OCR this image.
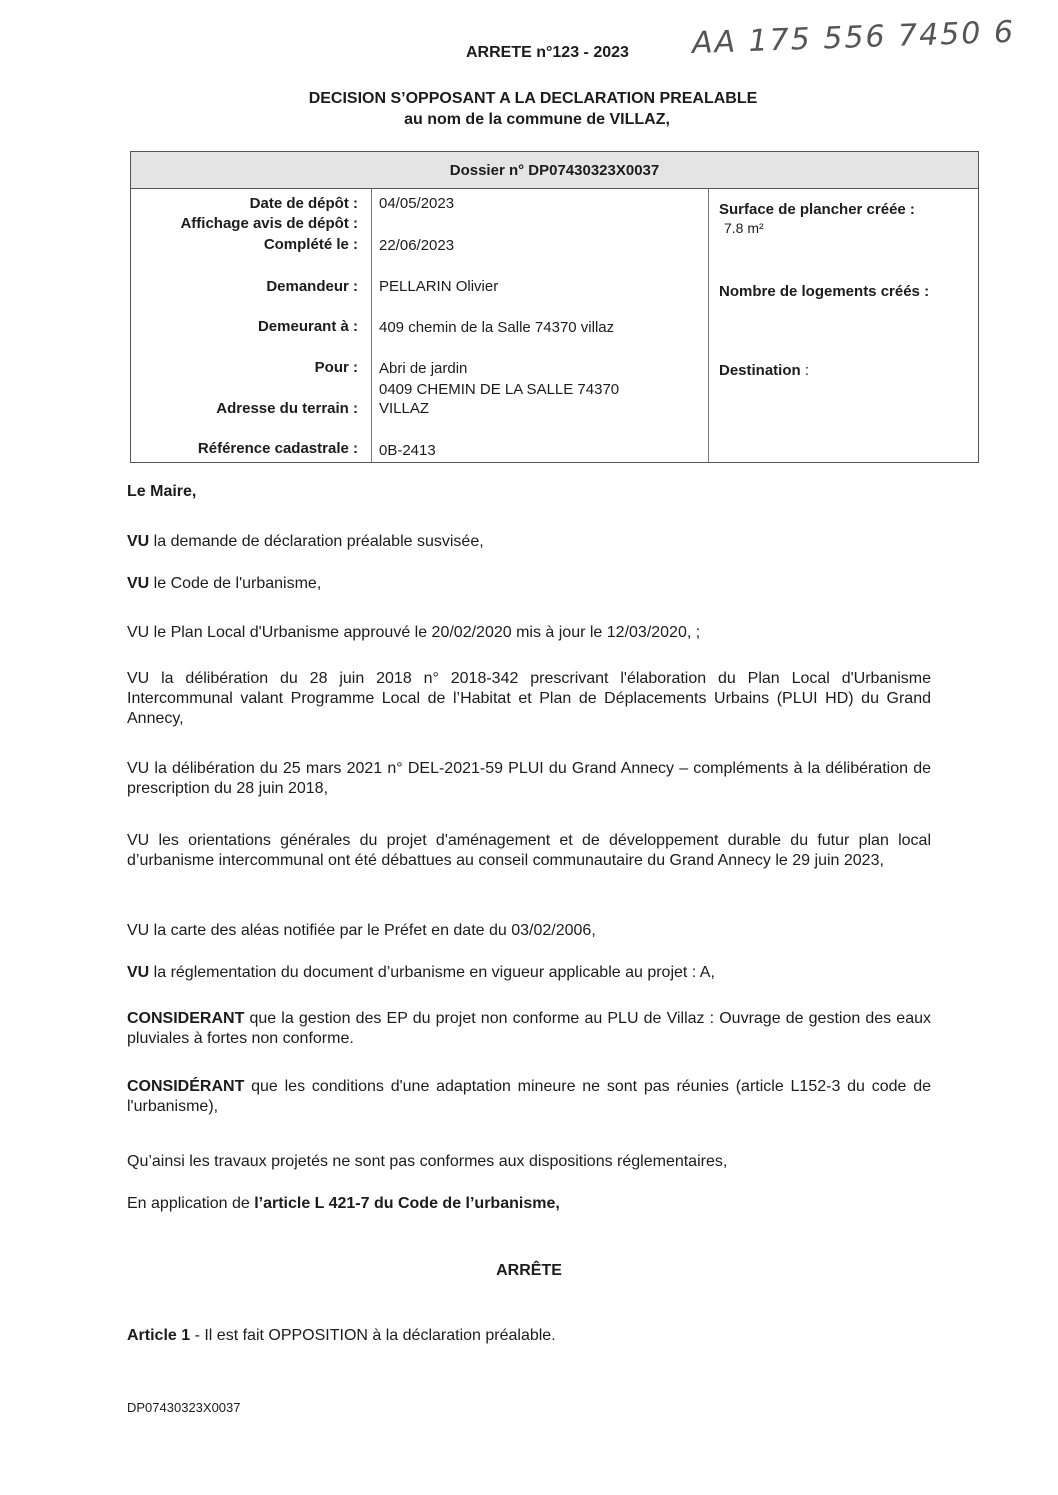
ARRETE n°123 - 2023 AA 175 556 7450 6
DECISION S’OPPOSANT A LA DECLARATION PREALABLE
au nom de la commune de VILLAZ,
Dossier n° DP07430323X0037
Date de dépôt : 04/05/2023
Affichage avis de dépôt :
Complété le : 22/06/2023
Demandeur : PELLARIN Olivier
Demeurant à : 409 chemin de la Salle 74370 villaz
Pour : Abri de jardin
0409 CHEMIN DE LA SALLE 74370
Adresse du terrain : VILLAZ
Référence cadastrale : 0B-2413
Surface de plancher créée :
7.8 m²
Nombre de logements créés :
Destination :
Le Maire,
VU la demande de déclaration préalable susvisée,
VU le Code de l'urbanisme,
VU le Plan Local d'Urbanisme approuvé le 20/02/2020 mis à jour le 12/03/2020, ;
VU la délibération du 28 juin 2018 n° 2018-342 prescrivant l'élaboration du Plan Local d'Urbanisme Intercommunal valant Programme Local de l’Habitat et Plan de Déplacements Urbains (PLUI HD) du Grand Annecy,
VU la délibération du 25 mars 2021 n° DEL-2021-59 PLUI du Grand Annecy – compléments à la délibération de prescription du 28 juin 2018,
VU les orientations générales du projet d'aménagement et de développement durable du futur plan local d’urbanisme intercommunal ont été débattues au conseil communautaire du Grand Annecy le 29 juin 2023,
VU la carte des aléas notifiée par le Préfet en date du 03/02/2006,
VU la réglementation du document d’urbanisme en vigueur applicable au projet : A,
CONSIDERANT que la gestion des EP du projet non conforme au PLU de Villaz : Ouvrage de gestion des eaux pluviales à fortes non conforme.
CONSIDÉRANT que les conditions d'une adaptation mineure ne sont pas réunies (article L152-3 du code de l'urbanisme),
Qu’ainsi les travaux projetés ne sont pas conformes aux dispositions réglementaires,
En application de l’article L 421-7 du Code de l’urbanisme,
ARRÊTE
Article 1 - Il est fait OPPOSITION à la déclaration préalable.
DP07430323X0037
